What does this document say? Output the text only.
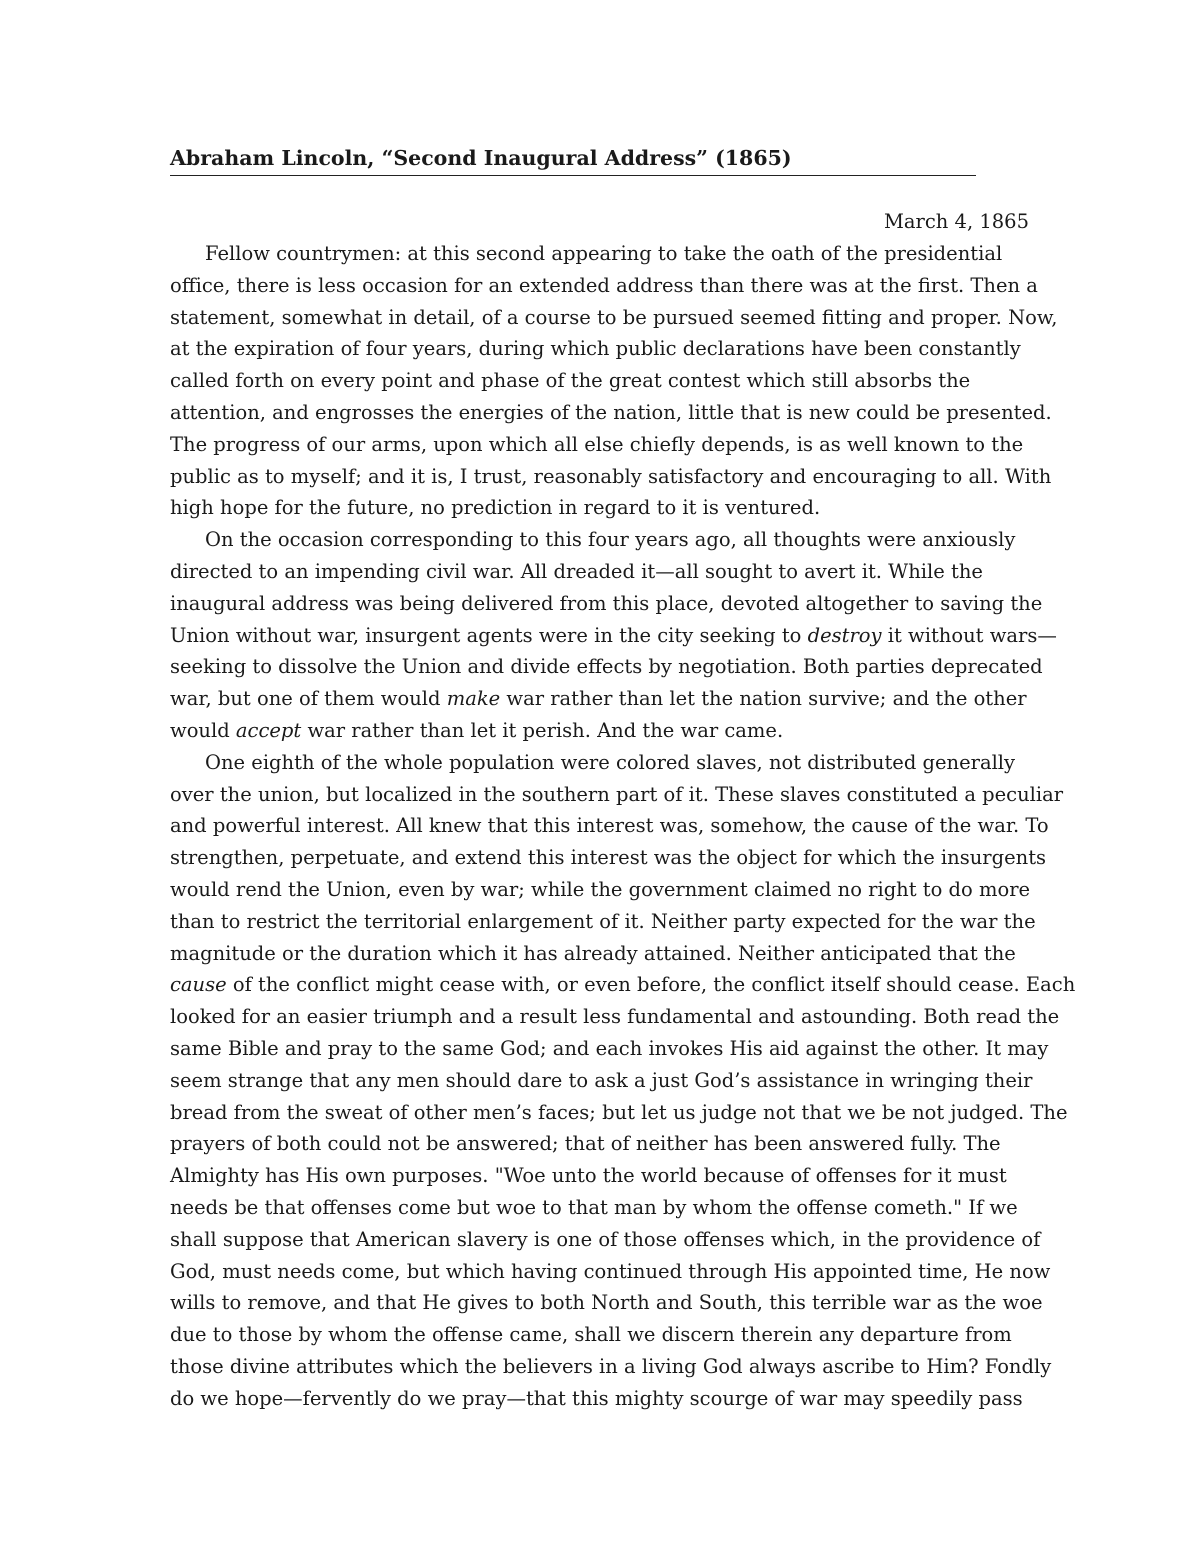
Abraham Lincoln, “Second Inaugural Address” (1865)
March 4, 1865
Fellow countrymen: at this second appearing to take the oath of the presidential
office, there is less occasion for an extended address than there was at the first. Then a
statement, somewhat in detail, of a course to be pursued seemed fitting and proper. Now,
at the expiration of four years, during which public declarations have been constantly
called forth on every point and phase of the great contest which still absorbs the
attention, and engrosses the energies of the nation, little that is new could be presented.
The progress of our arms, upon which all else chiefly depends, is as well known to the
public as to myself; and it is, I trust, reasonably satisfactory and encouraging to all. With
high hope for the future, no prediction in regard to it is ventured.
On the occasion corresponding to this four years ago, all thoughts were anxiously
directed to an impending civil war. All dreaded it—all sought to avert it. While the
inaugural address was being delivered from this place, devoted altogether to saving the
Union without war, insurgent agents were in the city seeking to destroy it without wars—
seeking to dissolve the Union and divide effects by negotiation. Both parties deprecated
war, but one of them would make war rather than let the nation survive; and the other
would accept war rather than let it perish. And the war came.
One eighth of the whole population were colored slaves, not distributed generally
over the union, but localized in the southern part of it. These slaves constituted a peculiar
and powerful interest. All knew that this interest was, somehow, the cause of the war. To
strengthen, perpetuate, and extend this interest was the object for which the insurgents
would rend the Union, even by war; while the government claimed no right to do more
than to restrict the territorial enlargement of it. Neither party expected for the war the
magnitude or the duration which it has already attained. Neither anticipated that the
cause of the conflict might cease with, or even before, the conflict itself should cease. Each
looked for an easier triumph and a result less fundamental and astounding. Both read the
same Bible and pray to the same God; and each invokes His aid against the other. It may
seem strange that any men should dare to ask a just God’s assistance in wringing their
bread from the sweat of other men’s faces; but let us judge not that we be not judged. The
prayers of both could not be answered; that of neither has been answered fully. The
Almighty has His own purposes. "Woe unto the world because of offenses for it must
needs be that offenses come but woe to that man by whom the offense cometh." If we
shall suppose that American slavery is one of those offenses which, in the providence of
God, must needs come, but which having continued through His appointed time, He now
wills to remove, and that He gives to both North and South, this terrible war as the woe
due to those by whom the offense came, shall we discern therein any departure from
those divine attributes which the believers in a living God always ascribe to Him? Fondly
do we hope—fervently do we pray—that this mighty scourge of war may speedily pass
